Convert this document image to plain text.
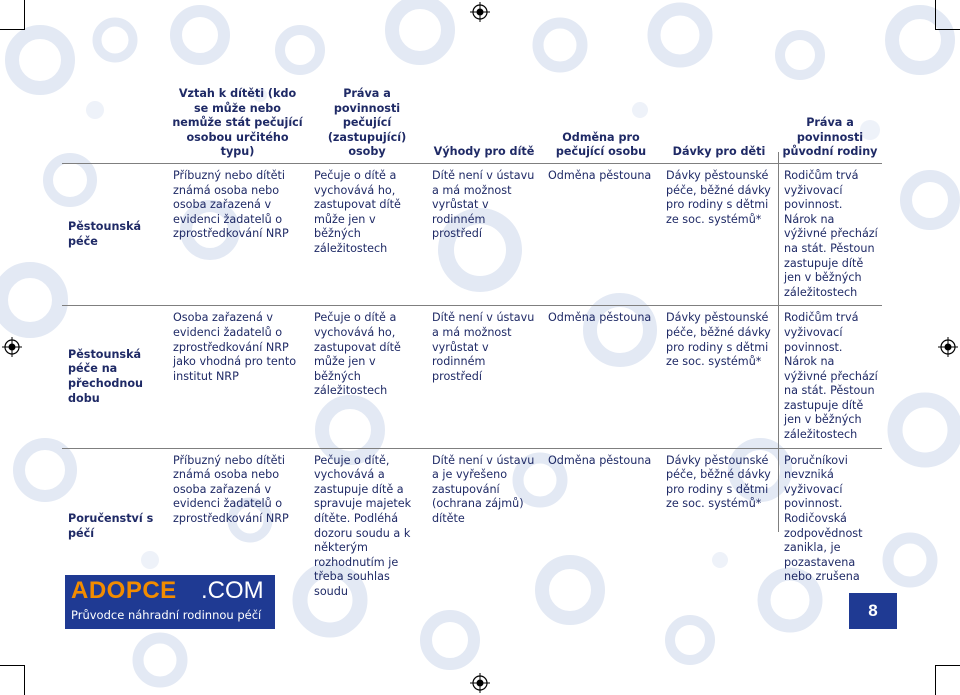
	Vztah k dítěti (kdo se může nebo nemůže stát pečující osobou určitého typu)	Práva a povinnosti pečující (zastupující) osoby	Výhody pro dítě	Odměna pro pečující osobu	Dávky pro děti	Práva a povinnosti původní rodiny
Pěstounská péče	Příbuzný nebo dítěti známá osoba nebo osoba zařazená v evidenci žadatelů o zprostředkování NRP	Pečuje o dítě a vychovává ho, zastupovat dítě může jen v běžných záležitostech	Dítě není v ústavu a má možnost vyrůstat v rodinném prostředí	Odměna pěstouna	Dávky pěstounské péče, běžné dávky pro rodiny s dětmi ze soc. systémů*	Rodičům trvá vyživovací povinnost. Nárok na výživné přechází na stát. Pěstoun zastupuje dítě jen v běžných záležitostech
Pěstounská péče na přechodnou dobu	Osoba zařazená v evidenci žadatelů o zprostředkování NRP jako vhodná pro tento institut NRP	Pečuje o dítě a vychovává ho, zastupovat dítě může jen v běžných záležitostech	Dítě není v ústavu a má možnost vyrůstat v rodinném prostředí	Odměna pěstouna	Dávky pěstounské péče, běžné dávky pro rodiny s dětmi ze soc. systémů*	Rodičům trvá vyživovací povinnost. Nárok na výživné přechází na stát. Pěstoun zastupuje dítě jen v běžných záležitostech
Poručenství s péčí	Příbuzný nebo dítěti známá osoba nebo osoba zařazená v evidenci žadatelů o zprostředkování NRP	Pečuje o dítě, vychovává a zastupuje dítě a spravuje majetek dítěte. Podléhá dozoru soudu a k některým rozhodnutím je třeba souhlas soudu	Dítě není v ústavu a je vyřešeno zastupování (ochrana zájmů) dítěte	Odměna pěstouna	Dávky pěstounské péče, běžné dávky pro rodiny s dětmi ze soc. systémů*	Poručníkovi nevzniká vyživovací povinnost. Rodičovská zodpovědnost zanikla, je pozastavena nebo zrušena
ADOPCE .COM
Průvodce náhradní rodinnou péčí	8
